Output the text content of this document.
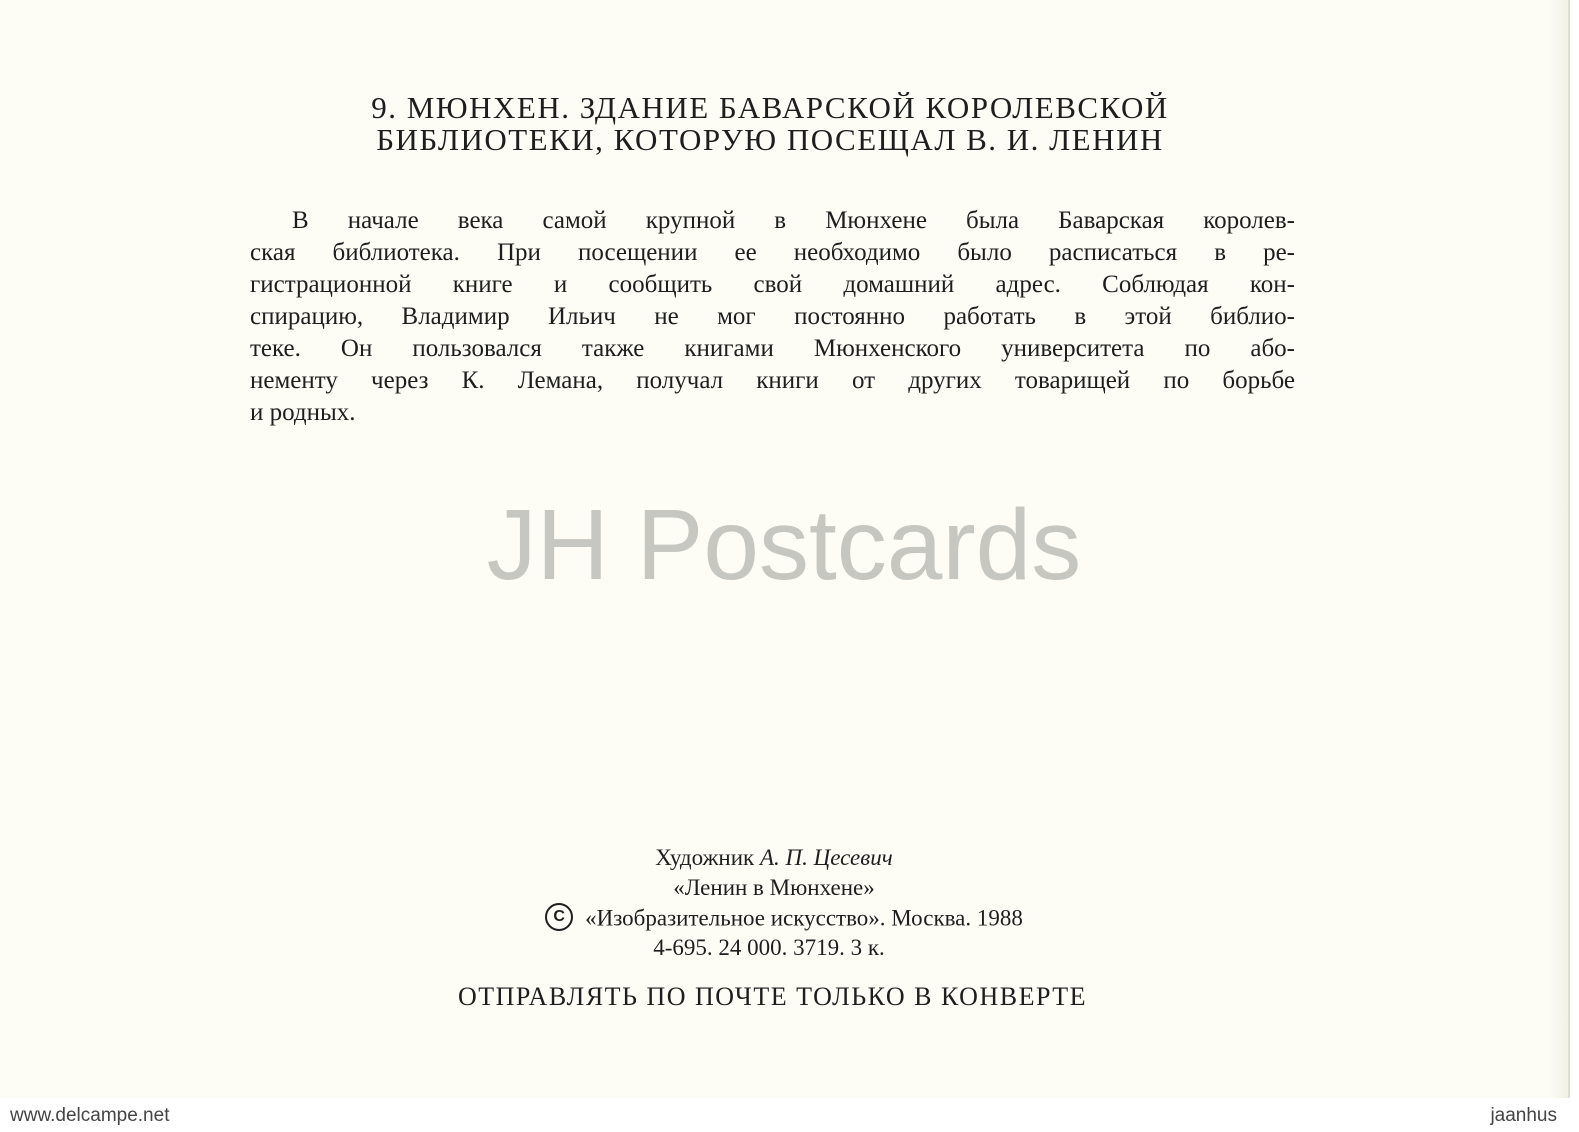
9. МЮНХЕН. ЗДАНИЕ БАВАРСКОЙ КОРОЛЕВСКОЙ
БИБЛИОТЕКИ, КОТОРУЮ ПОСЕЩАЛ В. И. ЛЕНИН
В начале века самой крупной в Мюнхене была Баварская королев-
ская библиотека. При посещении ее необходимо было расписаться в ре-
гистрационной книге и сообщить свой домашний адрес. Соблюдая кон-
спирацию, Владимир Ильич не мог постоянно работать в этой библио-
теке. Он пользовался также книгами Мюнхенского университета по або-
нементу через К. Лемана, получал книги от других товарищей по борьбе
и родных.
JH Postcards
Художник А. П. Цесевич
«Ленин в Мюнхене»
C «Изобразительное искусство». Москва. 1988
4-695. 24 000. 3719. 3 к.
ОТПРАВЛЯТЬ ПО ПОЧТЕ ТОЛЬКО В КОНВЕРТЕ
www.delcampe.net	jaanhus
